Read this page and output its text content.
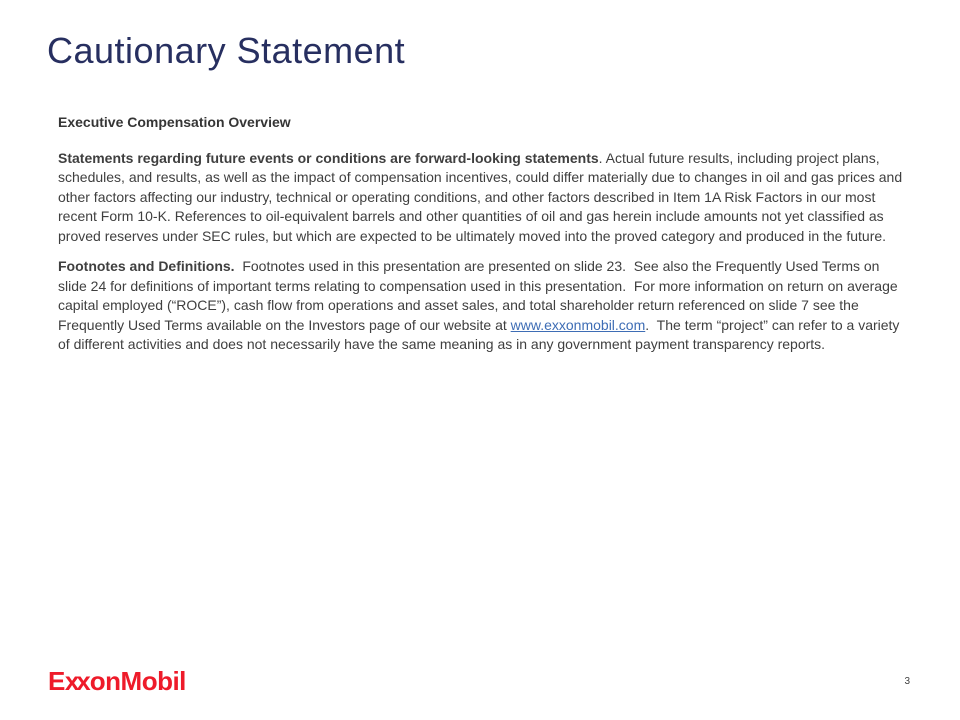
Cautionary Statement

Executive Compensation Overview

Statements regarding future events or conditions are forward-looking statements. Actual future results, including project plans, schedules, and results, as well as the impact of compensation incentives, could differ materially due to changes in oil and gas prices and other factors affecting our industry, technical or operating conditions, and other factors described in Item 1A Risk Factors in our most recent Form 10-K. References to oil-equivalent barrels and other quantities of oil and gas herein include amounts not yet classified as proved reserves under SEC rules, but which are expected to be ultimately moved into the proved category and produced in the future.

Footnotes and Definitions.  Footnotes used in this presentation are presented on slide 23.  See also the Frequently Used Terms on slide 24 for definitions of important terms relating to compensation used in this presentation.  For more information on return on average capital employed (“ROCE”), cash flow from operations and asset sales, and total shareholder return referenced on slide 7 see the Frequently Used Terms available on the Investors page of our website at www.exxonmobil.com.  The term “project” can refer to a variety of different activities and does not necessarily have the same meaning as in any government payment transparency reports.

ExxonMobil	3
